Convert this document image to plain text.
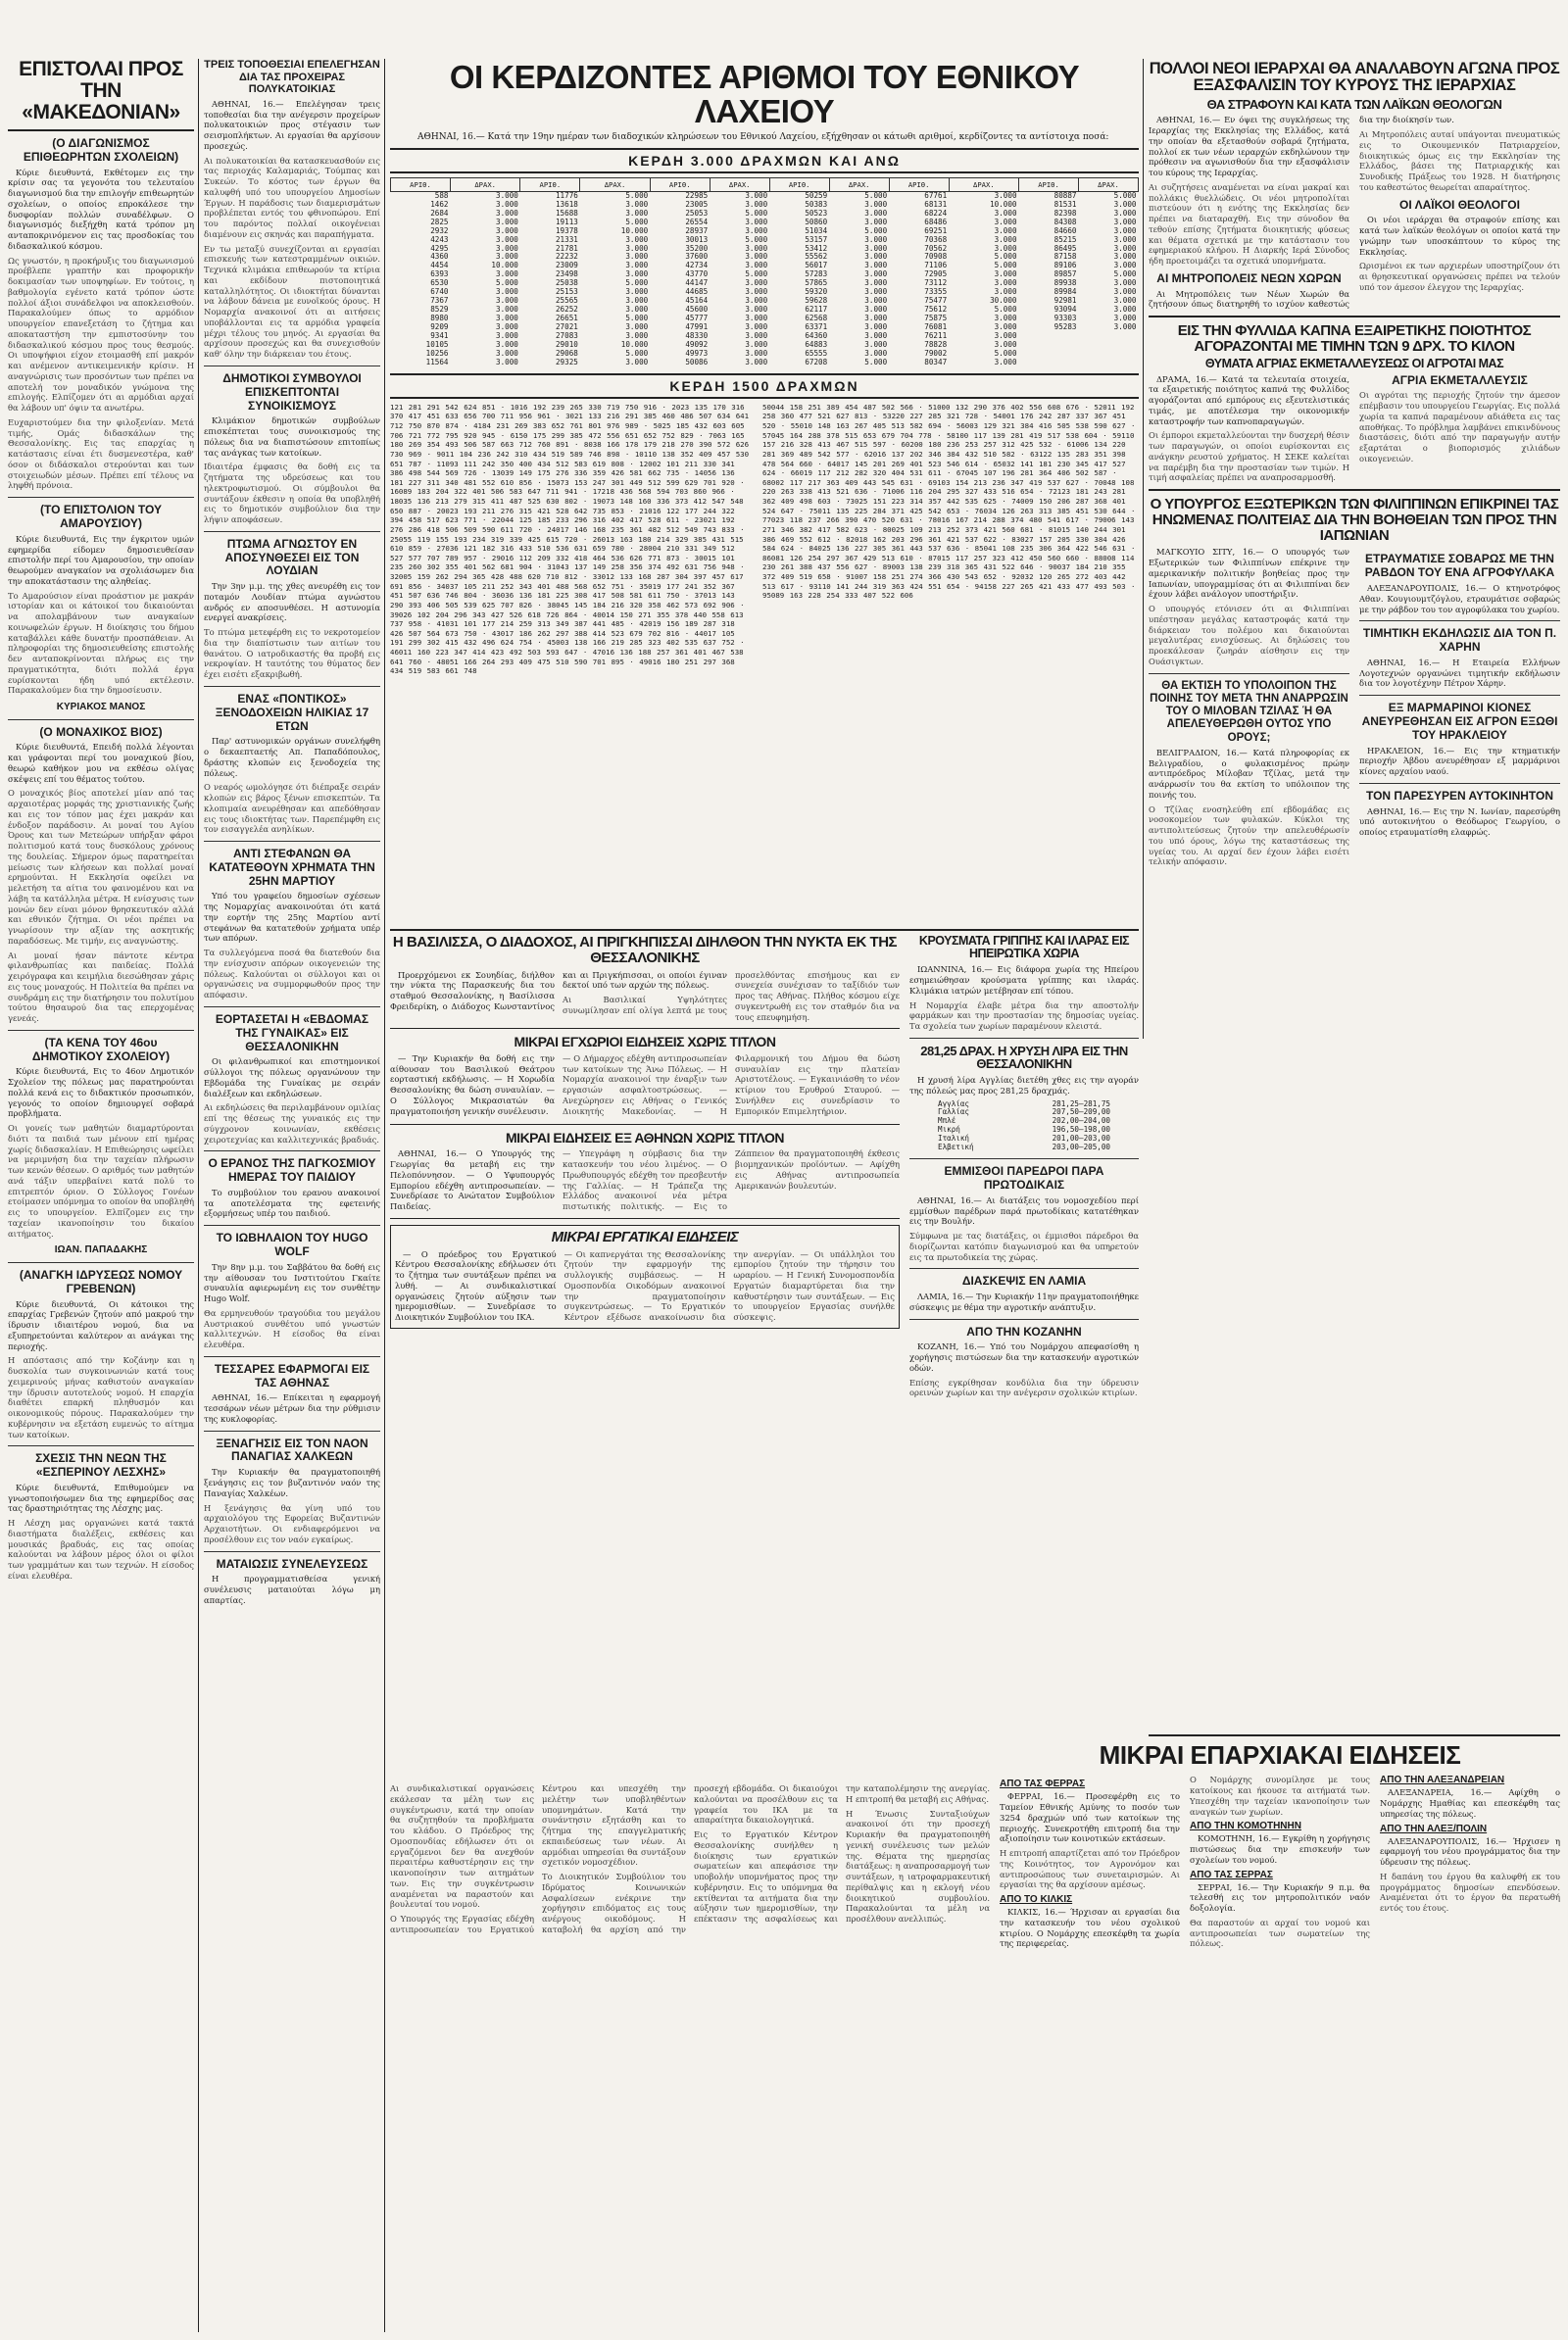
ΕΠΙΣΤΟΛΑΙ ΠΡΟΣ ΤΗΝ «ΜΑΚΕΔΟΝΙΑΝ»
(Ο ΔΙΑΓΩΝΙΣΜΟΣ ΕΠΙΘΕΩΡΗΤΩΝ ΣΧΟΛΕΙΩΝ)

Κύριε διευθυντά, Εκθέτομεν εις την κρίσιν σας τα γεγονότα του τελευταίου διαγωνισμού δια την επιλογήν επιθεωρητών σχολείων, ο οποίος επροκάλεσε την δυσφορίαν πολλών συναδέλφων. Ο διαγωνισμός διεξήχθη κατά τρόπον μη ανταποκρινόμενον εις τας προσδοκίας του διδασκαλικού κόσμου.

Ως γνωστόν, η προκήρυξις του διαγωνισμού προέβλεπε γραπτήν και προφορικήν δοκιμασίαν των υποψηφίων. Εν τούτοις, η βαθμολογία εγένετο κατά τρόπον ώστε πολλοί άξιοι συνάδελφοι να αποκλεισθούν. Παρακαλούμεν όπως το αρμόδιον υπουργείον επανεξετάση το ζήτημα και αποκαταστήση την εμπιστοσύνην του διδασκαλικού κόσμου προς τους θεσμούς. Οι υποψήφιοι είχον ετοιμασθή επί μακρόν και ανέμενον αντικειμενικήν κρίσιν. Η αναγνώρισις των προσόντων των πρέπει να αποτελή τον μοναδικόν γνώμονα της επιλογής. Ελπίζομεν ότι αι αρμόδιαι αρχαί θα λάβουν υπ' όψιν τα ανωτέρω.

Ευχαριστούμεν δια την φιλοξενίαν. Μετά τιμής, Ομάς διδασκάλων της Θεσσαλονίκης. Εις τας επαρχίας η κατάστασις είναι έτι δυσμενεστέρα, καθ' όσον οι διδάσκαλοι στερούνται και των στοιχειωδών μέσων. Πρέπει επί τέλους να ληφθή πρόνοια.

(ΤΟ ΕΠΙΣΤΟΛΙΟΝ ΤΟΥ ΑΜΑΡΟΥΣΙΟΥ)

Κύριε διευθυντά, Εις την έγκριτον υμών εφημερίδα είδομεν δημοσιευθείσαν επιστολήν περί του Αμαρουσίου, την οποίαν θεωρούμεν αναγκαίον να σχολιάσωμεν δια την αποκατάστασιν της αληθείας.

Το Αμαρούσιον είναι προάστιον με μακράν ιστορίαν και οι κάτοικοί του δικαιούνται να απολαμβάνουν των αναγκαίων κοινωφελών έργων. Η διοίκησις του δήμου καταβάλλει κάθε δυνατήν προσπάθειαν. Αι πληροφορίαι της δημοσιευθείσης επιστολής δεν ανταποκρίνονται πλήρως εις την πραγματικότητα, διότι πολλά έργα ευρίσκονται ήδη υπό εκτέλεσιν. Παρακαλούμεν δια την δημοσίευσιν.

ΚΥΡΙΑΚΟΣ ΜΑΝΟΣ
(Ο ΜΟΝΑΧΙΚΟΣ ΒΙΟΣ)

Κύριε διευθυντά, Επειδή πολλά λέγονται και γράφονται περί του μοναχικού βίου, θεωρώ καθήκον μου να εκθέσω ολίγας σκέψεις επί του θέματος τούτου.

Ο μοναχικός βίος αποτελεί μίαν από τας αρχαιοτέρας μορφάς της χριστιανικής ζωής και εις τον τόπον μας έχει μακράν και ένδοξον παράδοσιν. Αι μοναί του Αγίου Όρους και των Μετεώρων υπήρξαν φάροι πολιτισμού κατά τους δυσκόλους χρόνους της δουλείας. Σήμερον όμως παρατηρείται μείωσις των κλήσεων και πολλαί μοναί ερημούνται. Η Εκκλησία οφείλει να μελετήση τα αίτια του φαινομένου και να λάβη τα κατάλληλα μέτρα. Η ενίσχυσις των μονών δεν είναι μόνον θρησκευτικόν αλλά και εθνικόν ζήτημα. Οι νέοι πρέπει να γνωρίσουν την αξίαν της ασκητικής παραδόσεως. Με τιμήν, εις αναγνώστης.

Αι μοναί ήσαν πάντοτε κέντρα φιλανθρωπίας και παιδείας. Πολλά χειρόγραφα και κειμήλια διεσώθησαν χάρις εις τους μοναχούς. Η Πολιτεία θα πρέπει να συνδράμη εις την διατήρησιν του πολυτίμου τούτου θησαυρού δια τας επερχομένας γενεάς.

(ΤΑ ΚΕΝΑ ΤΟΥ 46ου ΔΗΜΟΤΙΚΟΥ ΣΧΟΛΕΙΟΥ)

Κύριε διευθυντά, Εις το 46ον Δημοτικόν Σχολείον της πόλεως μας παρατηρούνται πολλά κενά εις το διδακτικόν προσωπικόν, γεγονός το οποίον δημιουργεί σοβαρά προβλήματα.

Οι γονείς των μαθητών διαμαρτύρονται διότι τα παιδιά των μένουν επί ημέρας χωρίς διδασκαλίαν. Η Επιθεώρησις ωφείλει να μεριμνήση δια την ταχείαν πλήρωσιν των κενών θέσεων. Ο αριθμός των μαθητών ανά τάξιν υπερβαίνει κατά πολύ το επιτρεπτόν όριον. Ο Σύλλογος Γονέων ετοίμασεν υπόμνημα το οποίον θα υποβληθή εις το υπουργείον. Ελπίζομεν εις την ταχείαν ικανοποίησιν του δικαίου αιτήματος.

ΙΩΑΝ. ΠΑΠΑΔΑΚΗΣ
(ΑΝΑΓΚΗ ΙΔΡΥΣΕΩΣ ΝΟΜΟΥ ΓΡΕΒΕΝΩΝ)

Κύριε διευθυντά, Οι κάτοικοι της επαρχίας Γρεβενών ζητούν από μακρού την ίδρυσιν ιδιαιτέρου νομού, δια να εξυπηρετούνται καλύτερον αι ανάγκαι της περιοχής.

Η απόστασις από την Κοζάνην και η δυσκολία των συγκοινωνιών κατά τους χειμερινούς μήνας καθιστούν αναγκαίαν την ίδρυσιν αυτοτελούς νομού. Η επαρχία διαθέτει επαρκή πληθυσμόν και οικονομικούς πόρους. Παρακαλούμεν την κυβέρνησιν να εξετάση ευμενώς το αίτημα των κατοίκων.

ΣΧΕΣΙΣ ΤΗΝ ΝΕΩΝ ΤΗΣ «ΕΣΠΕΡΙΝΟΥ ΛΕΣΧΗΣ»

Κύριε διευθυντά, Επιθυμούμεν να γνωστοποιήσωμεν δια της εφημερίδος σας τας δραστηριότητας της Λέσχης μας.

Η Λέσχη μας οργανώνει κατά τακτά διαστήματα διαλέξεις, εκθέσεις και μουσικάς βραδυάς, εις τας οποίας καλούνται να λάβουν μέρος όλοι οι φίλοι των γραμμάτων και των τεχνών. Η είσοδος είναι ελευθέρα.

ΤΡΕΙΣ ΤΟΠΟΘΕΣΙΑΙ ΕΠΕΛΕΓΗΣΑΝ ΔΙΑ ΤΑΣ ΠΡΟΧΕΙΡΑΣ ΠΟΛΥΚΑΤΟΙΚΙΑΣ

ΑΘΗΝΑΙ, 16.— Επελέγησαν τρεις τοποθεσίαι δια την ανέγερσιν προχείρων πολυκατοικιών προς στέγασιν των σεισμοπλήκτων. Αι εργασίαι θα αρχίσουν προσεχώς.

Αι πολυκατοικίαι θα κατασκευασθούν εις τας περιοχάς Καλαμαριάς, Τούμπας και Συκεών. Το κόστος των έργων θα καλυφθή υπό του υπουργείου Δημοσίων Έργων. Η παράδοσις των διαμερισμάτων προβλέπεται εντός του φθινοπώρου. Επί του παρόντος πολλαί οικογένειαι διαμένουν εις σκηνάς και παραπήγματα.

Εν τω μεταξύ συνεχίζονται αι εργασίαι επισκευής των κατεστραμμένων οικιών. Τεχνικά κλιμάκια επιθεωρούν τα κτίρια και εκδίδουν πιστοποιητικά καταλληλότητος. Οι ιδιοκτήται δύνανται να λάβουν δάνεια με ευνοϊκούς όρους. Η Νομαρχία ανακοινοί ότι αι αιτήσεις υποβάλλονται εις τα αρμόδια γραφεία μέχρι τέλους του μηνός. Αι εργασίαι θα αρχίσουν προσεχώς και θα συνεχισθούν καθ' όλην την διάρκειαν του έτους.

ΔΗΜΟΤΙΚΟΙ ΣΥΜΒΟΥΛΟΙ ΕΠΙΣΚΕΠΤΟΝΤΑΙ ΣΥΝΟΙΚΙΣΜΟΥΣ

Κλιμάκιον δημοτικών συμβούλων επισκέπτεται τους συνοικισμούς της πόλεως δια να διαπιστώσουν επιτοπίως τας ανάγκας των κατοίκων.

Ιδιαιτέρα έμφασις θα δοθή εις τα ζητήματα της υδρεύσεως και του ηλεκτροφωτισμού. Οι σύμβουλοι θα συντάξουν έκθεσιν η οποία θα υποβληθή εις το δημοτικόν συμβούλιον δια την λήψιν αποφάσεων.

ΠΤΩΜΑ ΑΓΝΩΣΤΟΥ ΕΝ ΑΠΟΣΥΝΘΕΣΕΙ ΕΙΣ ΤΟΝ ΛΟΥΔΙΑΝ

Την 3ην μ.μ. της χθες ανευρέθη εις τον ποταμόν Λουδίαν πτώμα αγνώστου ανδρός εν αποσυνθέσει. Η αστυνομία ενεργεί ανακρίσεις.

Το πτώμα μετεφέρθη εις το νεκροτομείον δια την διαπίστωσιν των αιτίων του θανάτου. Ο ιατροδικαστής θα προβή εις νεκροψίαν. Η ταυτότης του θύματος δεν έχει εισέτι εξακριβωθή.

ΕΝΑΣ «ΠΟΝΤΙΚΟΣ» ΞΕΝΟΔΟΧΕΙΩΝ ΗΛΙΚΙΑΣ 17 ΕΤΩΝ

Παρ' αστυνομικών οργάνων συνελήφθη ο δεκαεπταετής Απ. Παπαδόπουλος, δράστης κλοπών εις ξενοδοχεία της πόλεως.

Ο νεαρός ωμολόγησε ότι διέπραξε σειράν κλοπών εις βάρος ξένων επισκεπτών. Τα κλοπιμαία ανευρέθησαν και απεδόθησαν εις τους ιδιοκτήτας των. Παρεπέμφθη εις τον εισαγγελέα ανηλίκων.

ΑΝΤΙ ΣΤΕΦΑΝΩΝ ΘΑ ΚΑΤΑΤΕΘΟΥΝ ΧΡΗΜΑΤΑ ΤΗΝ 25ΗΝ ΜΑΡΤΙΟΥ

Υπό του γραφείου δημοσίων σχέσεων της Νομαρχίας ανακοινούται ότι κατά την εορτήν της 25ης Μαρτίου αντί στεφάνων θα κατατεθούν χρήματα υπέρ των απόρων.

Τα συλλεγόμενα ποσά θα διατεθούν δια την ενίσχυσιν απόρων οικογενειών της πόλεως. Καλούνται οι σύλλογοι και οι οργανώσεις να συμμορφωθούν προς την απόφασιν.

ΕΟΡΤΑΣΕΤΑΙ Η «ΕΒΔΟΜΑΣ ΤΗΣ ΓΥΝΑΙΚΑΣ» ΕΙΣ ΘΕΣΣΑΛΟΝΙΚΗΝ

Οι φιλανθρωπικοί και επιστημονικοί σύλλογοι της πόλεως οργανώνουν την Εβδομάδα της Γυναίκας με σειράν διαλέξεων και εκδηλώσεων.

Αι εκδηλώσεις θα περιλαμβάνουν ομιλίας επί της θέσεως της γυναικός εις την σύγχρονον κοινωνίαν, εκθέσεις χειροτεχνίας και καλλιτεχνικάς βραδυάς.

Ο ΕΡΑΝΟΣ ΤΗΣ ΠΑΓΚΟΣΜΙΟΥ ΗΜΕΡΑΣ ΤΟΥ ΠΑΙΔΙΟΥ

Το συμβούλιον του ερανου ανακοινοί τα αποτελέσματα της εφετεινής εξορμήσεως υπέρ του παιδιού.

ΤΟ ΙΩΒΗΛΑΙΟΝ ΤΟΥ HUGO WOLF

Την 8ην μ.μ. του Σαββάτου θα δοθή εις την αίθουσαν του Ινστιτούτου Γκαίτε συναυλία αφιερωμένη εις τον συνθέτην Hugo Wolf.

Θα ερμηνευθούν τραγούδια του μεγάλου Αυστριακού συνθέτου υπό γνωστών καλλιτεχνών. Η είσοδος θα είναι ελευθέρα.

ΤΕΣΣΑΡΕΣ ΕΦΑΡΜΟΓΑΙ ΕΙΣ ΤΑΣ ΑΘΗΝΑΣ

ΑΘΗΝΑΙ, 16.— Επίκειται η εφαρμογή τεσσάρων νέων μέτρων δια την ρύθμισιν της κυκλοφορίας.

ΞΕΝΑΓΗΣΙΣ ΕΙΣ ΤΟΝ ΝΑΟΝ ΠΑΝΑΓΙΑΣ ΧΑΛΚΕΩΝ

Την Κυριακήν θα πραγματοποιηθή ξενάγησις εις τον βυζαντινόν ναόν της Παναγίας Χαλκέων.

Η ξενάγησις θα γίνη υπό του αρχαιολόγου της Εφορείας Βυζαντινών Αρχαιοτήτων. Οι ενδιαφερόμενοι να προσέλθουν εις τον ναόν εγκαίρως.

ΜΑΤΑΙΩΣΙΣ ΣΥΝΕΛΕΥΣΕΩΣ

Η προγραμματισθείσα γενική συνέλευσις ματαιούται λόγω μη απαρτίας.

ΟΙ ΚΕΡΔΙΖΟΝΤΕΣ ΑΡΙΘΜΟΙ ΤΟΥ ΕΘΝΙΚΟΥ ΛΑΧΕΙΟΥ

ΑΘΗΝΑΙ, 16.— Κατά την 19ην ημέραν των διαδοχικών κληρώσεων του Εθνικού Λαχείου, εξήχθησαν οι κάτωθι αριθμοί, κερδίζοντες τα αντίστοιχα ποσά:

ΚΕΡΔΗ 3.000 ΔΡΑΧΜΩΝ ΚΑΙ ΑΝΩ
ΑΡΙΘ.	ΔΡΑΧ.	ΑΡΙΘ.	ΔΡΑΧ.	ΑΡΙΘ.	ΔΡΑΧ.	ΑΡΙΘ.	ΔΡΑΧ.	ΑΡΙΘ.	ΔΡΑΧ.	ΑΡΙΘ.	ΔΡΑΧ.
588	3.000	11776	5.000	22985	3.000	50259	5.000	67761	3.000	80887	5.000
1462	3.000	13618	3.000	23005	3.000	50383	3.000	68131	10.000	81531	3.000
2684	3.000	15688	3.000	25053	5.000	50523	3.000	68224	3.000	82398	3.000
2825	3.000	19113	5.000	26554	3.000	50860	3.000	68486	3.000	84308	3.000
2932	3.000	19378	10.000	28937	3.000	51034	5.000	69251	3.000	84660	3.000
4243	3.000	21331	3.000	30013	5.000	53157	3.000	70368	3.000	85215	3.000
4295	3.000	21781	3.000	35200	3.000	53412	3.000	70562	3.000	86495	3.000
4360	3.000	22232	3.000	37600	3.000	55562	3.000	70908	5.000	87158	3.000
4454	10.000	23009	3.000	42734	3.000	56017	3.000	71106	5.000	89106	3.000
6393	3.000	23498	3.000	43770	5.000	57283	3.000	72905	3.000	89857	5.000
6530	5.000	25038	5.000	44147	3.000	57865	3.000	73112	3.000	89938	3.000
6740	3.000	25153	3.000	44685	3.000	59320	3.000	73355	3.000	89984	3.000
7367	3.000	25565	3.000	45164	3.000	59628	3.000	75477	30.000	92981	3.000
8529	3.000	26252	3.000	45600	3.000	62117	3.000	75612	5.000	93094	3.000
8980	3.000	26651	5.000	45777	3.000	62568	3.000	75875	3.000	93303	3.000
9209	3.000	27021	3.000	47991	3.000	63371	3.000	76081	3.000	95283	3.000
9341	3.000	27083	3.000	48330	3.000	64360	3.000	76211	3.000		
10105	3.000	29010	10.000	49092	3.000	64883	3.000	78828	3.000		
10256	3.000	29068	5.000	49973	3.000	65555	3.000	79002	5.000		
11564	3.000	29325	3.000	50086	3.000	67208	5.000	80347	3.000		
ΚΕΡΔΗ 1500 ΔΡΑΧΜΩΝ
121 281 291 542 624 851 · 1016 192 239 265 330 719 750 916 · 2023 135 170 316 370 417 451 633 656 700 711 956 961 · 3021 133 216 291 385 460 486 507 634 641 712 750 870 874 · 4184 231 269 383 652 761 801 976 989 · 5025 185 432 603 605 706 721 772 795 920 945 · 6150 175 299 385 472 556 651 652 752 829 · 7063 165 180 269 354 493 506 587 663 712 760 891 · 8038 166 178 179 218 270 390 572 626 730 969 · 9011 104 236 242 310 434 519 589 746 898 · 10110 138 352 409 457 530 651 787 · 11093 111 242 350 400 434 512 583 619 808 · 12002 101 211 330 341 386 498 544 569 726 · 13039 149 175 276 336 359 426 581 662 735 · 14056 136 181 227 311 340 481 552 610 856 · 15073 153 247 301 449 512 599 629 701 920 · 16089 183 204 322 401 506 583 647 711 941 · 17218 436 568 594 703 860 966 · 18035 136 213 279 315 411 487 525 630 802 · 19073 148 160 336 373 412 547 548 650 887 · 20023 193 211 276 315 421 528 642 735 853 · 21016 122 177 244 322 394 458 517 623 771 · 22044 125 185 233 296 316 402 417 528 611 · 23021 192 276 286 418 506 509 590 611 720 · 24017 146 168 235 361 482 512 549 743 833 · 25055 119 155 193 234 319 339 425 615 720 · 26013 163 180 214 329 385 431 515 610 859 · 27036 121 182 316 433 510 536 631 659 780 · 28004 210 331 349 512 527 577 707 789 957 · 29016 112 209 332 418 464 536 626 771 873 · 30015 101 235 260 302 355 401 562 681 904 · 31043 137 149 258 356 374 492 631 756 948 · 32005 159 262 294 365 428 488 620 710 812 · 33012 133 168 287 304 397 457 617 691 856 · 34037 105 211 252 343 401 488 568 652 751 · 35019 177 241 352 367 451 507 636 746 804 · 36036 136 181 225 308 417 508 581 611 750 · 37013 143 290 393 406 505 539 625 707 826 · 38045 145 184 216 320 358 462 573 692 906 · 39026 102 204 296 343 427 526 618 726 864 · 40014 150 271 355 378 440 558 613 737 958 · 41031 101 177 214 259 313 349 387 441 485 · 42019 156 189 287 318 426 507 564 673 750 · 43017 186 262 297 388 414 523 679 702 816 · 44017 105 191 299 302 415 432 496 624 754 · 45003 138 166 219 285 323 402 535 637 752 · 46011 160 223 347 414 423 492 503 593 647 · 47016 136 188 257 361 401 467 538 641 760 · 48051 166 264 293 409 475 510 590 701 895 · 49016 180 251 297 368 434 519 583 661 748
50044 158 251 389 454 487 502 566 · 51000 132 290 376 402 556 608 676 · 52011 192 258 360 477 521 627 813 · 53220 227 285 321 728 · 54001 176 242 287 337 367 451 520 · 55010 148 163 267 405 513 582 694 · 56003 129 321 384 416 505 538 590 627 · 57045 164 288 378 515 653 679 704 778 · 58100 117 139 281 419 517 538 604 · 59110 157 216 328 413 467 515 597 · 60200 180 236 253 257 312 425 532 · 61006 134 220 281 369 489 542 577 · 62016 137 202 346 384 432 510 582 · 63122 135 283 351 398 478 564 660 · 64017 145 201 269 401 523 546 614 · 65032 141 181 230 345 417 527 624 · 66019 117 212 282 320 404 531 611 · 67045 107 196 281 364 406 502 587 · 68002 117 217 363 409 443 545 631 · 69103 154 213 236 347 419 537 627 · 70048 108 220 263 338 413 521 636 · 71006 116 204 295 327 433 516 654 · 72123 181 243 281 362 409 498 603 · 73025 151 223 314 357 442 535 625 · 74009 150 206 287 368 401 524 647 · 75011 135 225 284 371 425 542 653 · 76034 126 263 313 385 451 530 644 · 77023 118 237 266 390 470 520 631 · 78016 167 214 288 374 480 541 617 · 79006 143 271 346 382 417 582 623 · 80025 109 213 252 373 421 560 681 · 81015 140 244 301 386 469 552 612 · 82018 162 203 296 361 421 537 622 · 83027 157 205 330 384 426 584 624 · 84025 136 227 305 361 443 537 636 · 85041 108 235 306 364 422 546 631 · 86081 126 254 297 367 429 513 610 · 87015 117 257 323 412 450 560 660 · 88008 114 230 261 388 437 556 627 · 89003 138 239 318 365 431 522 646 · 90037 184 210 355 372 409 519 658 · 91007 158 251 274 366 430 543 652 · 92032 120 265 272 403 442 513 617 · 93110 141 244 319 363 424 551 654 · 94158 227 265 421 433 477 493 503 · 95089 163 228 254 333 407 522 606
ΠΟΛΛΟΙ ΝΕΟΙ ΙΕΡΑΡΧΑΙ ΘΑ ΑΝΑΛΑΒΟΥΝ ΑΓΩΝΑ ΠΡΟΣ ΕΞΑΣΦΑΛΙΣΙΝ ΤΟΥ ΚΥΡΟΥΣ ΤΗΣ ΙΕΡΑΡΧΙΑΣ
ΘΑ ΣΤΡΑΦΟΥΝ ΚΑΙ ΚΑΤΑ ΤΩΝ ΛΑΪΚΩΝ ΘΕΟΛΟΓΩΝ

ΑΘΗΝΑΙ, 16.— Εν όψει της συγκλήσεως της Ιεραρχίας της Εκκλησίας της Ελλάδος, κατά την οποίαν θα εξετασθούν σοβαρά ζητήματα, πολλοί εκ των νέων ιεραρχών εκδηλώνουν την πρόθεσιν να αγωνισθούν δια την εξασφάλισιν του κύρους της Ιεραρχίας.

Αι συζητήσεις αναμένεται να είναι μακραί και πολλάκις θυελλώδεις. Οι νέοι μητροπολίται πιστεύουν ότι η ενότης της Εκκλησίας δεν πρέπει να διαταραχθή. Εις την σύνοδον θα τεθούν επίσης ζητήματα διοικητικής φύσεως και θέματα σχετικά με την κατάστασιν του εφημεριακού κλήρου. Η Διαρκής Ιερά Σύνοδος ήδη προετοιμάζει τα σχετικά υπομνήματα.

ΑΙ ΜΗΤΡΟΠΟΛΕΙΣ ΝΕΩΝ ΧΩΡΩΝ

Αι Μητροπόλεις των Νέων Χωρών θα ζητήσουν όπως διατηρηθή το ισχύον καθεστώς δια την διοίκησίν των.

Αι Μητροπόλεις αυταί υπάγονται πνευματικώς εις το Οικουμενικόν Πατριαρχείον, διοικητικώς όμως εις την Εκκλησίαν της Ελλάδος, βάσει της Πατριαρχικής και Συνοδικής Πράξεως του 1928. Η διατήρησις του καθεστώτος θεωρείται απαραίτητος.

ΟΙ ΛΑΪΚΟΙ ΘΕΟΛΟΓΟΙ

Οι νέοι ιεράρχαι θα στραφούν επίσης και κατά των λαϊκών θεολόγων οι οποίοι κατά την γνώμην των υποσκάπτουν το κύρος της Εκκλησίας.

Ωρισμένοι εκ των αρχιερέων υποστηρίζουν ότι αι θρησκευτικαί οργανώσεις πρέπει να τελούν υπό τον άμεσον έλεγχον της Ιεραρχίας.

ΕΙΣ ΤΗΝ ΦΥΛΛΙΔΑ ΚΑΠΝΑ ΕΞΑΙΡΕΤΙΚΗΣ ΠΟΙΟΤΗΤΟΣ ΑΓΟΡΑΖΟΝΤΑΙ ΜΕ ΤΙΜΗΝ ΤΩΝ 9 ΔΡΧ. ΤΟ ΚΙΛΟΝ
ΘΥΜΑΤΑ ΑΓΡΙΑΣ ΕΚΜΕΤΑΛΛΕΥΣΕΩΣ ΟΙ ΑΓΡΟΤΑΙ ΜΑΣ

ΔΡΑΜΑ, 16.— Κατά τα τελευταία στοιχεία, τα εξαιρετικής ποιότητος καπνά της Φυλλίδος αγοράζονται από εμπόρους εις εξευτελιστικάς τιμάς, με αποτέλεσμα την οικονομικήν καταστροφήν των καπνοπαραγωγών.

Οι έμποροι εκμεταλλεύονται την δυσχερή θέσιν των παραγωγών, οι οποίοι ευρίσκονται εις ανάγκην ρευστού χρήματος. Η ΣΕΚΕ καλείται να παρέμβη δια την προστασίαν των τιμών. Η τιμή ασφαλείας πρέπει να αναπροσαρμοσθή.

ΑΓΡΙΑ ΕΚΜΕΤΑΛΛΕΥΣΙΣ

Οι αγρόται της περιοχής ζητούν την άμεσον επέμβασιν του υπουργείου Γεωργίας. Εις πολλά χωρία τα καπνά παραμένουν αδιάθετα εις τας αποθήκας. Το πρόβλημα λαμβάνει επικινδύνους διαστάσεις, διότι από την παραγωγήν αυτήν εξαρτάται ο βιοπορισμός χιλιάδων οικογενειών.

Ο ΥΠΟΥΡΓΟΣ ΕΞΩΤΕΡΙΚΩΝ ΤΩΝ ΦΙΛΙΠΠΙΝΩΝ ΕΠΙΚΡΙΝΕΙ ΤΑΣ ΗΝΩΜΕΝΑΣ ΠΟΛΙΤΕΙΑΣ ΔΙΑ ΤΗΝ ΒΟΗΘΕΙΑΝ ΤΩΝ ΠΡΟΣ ΤΗΝ ΙΑΠΩΝΙΑΝ

ΜΑΓΚΟΥΙΟ ΣΙΤΥ, 16.— Ο υπουργός των Εξωτερικών των Φιλιππίνων επέκρινε την αμερικανικήν πολιτικήν βοηθείας προς την Ιαπωνίαν, υπογραμμίσας ότι αι Φιλιππίναι δεν έχουν λάβει ανάλογον υποστήριξιν.

Ο υπουργός ετόνισεν ότι αι Φιλιππίναι υπέστησαν μεγάλας καταστροφάς κατά την διάρκειαν του πολέμου και δικαιούνται μεγαλυτέρας ενισχύσεως. Αι δηλώσεις του προεκάλεσαν ζωηράν αίσθησιν εις την Ουάσιγκτων.

ΘΑ ΕΚΤΙΣΗ ΤΟ ΥΠΟΛΟΙΠΟΝ ΤΗΣ ΠΟΙΝΗΣ ΤΟΥ ΜΕΤΑ ΤΗΝ ΑΝΑΡΡΩΣΙΝ ΤΟΥ Ο ΜΙΛΟΒΑΝ ΤΖΙΛΑΣ Ή ΘΑ ΑΠΕΛΕΥΘΕΡΩΘΗ ΟΥΤΟΣ ΥΠΟ ΟΡΟΥΣ;

ΒΕΛΙΓΡΑΔΙΟΝ, 16.— Κατά πληροφορίας εκ Βελιγραδίου, ο φυλακισμένος πρώην αντιπρόεδρος Μίλοβαν Τζίλας, μετά την ανάρρωσίν του θα εκτίση το υπόλοιπον της ποινής του.

Ο Τζίλας ενοσηλεύθη επί εβδομάδας εις νοσοκομείον των φυλακών. Κύκλοι της αντιπολιτεύσεως ζητούν την απελευθέρωσίν του υπό όρους, λόγω της καταστάσεως της υγείας του. Αι αρχαί δεν έχουν λάβει εισέτι τελικήν απόφασιν.

ΕΤΡΑΥΜΑΤΙΣΕ ΣΟΒΑΡΩΣ ΜΕ ΤΗΝ ΡΑΒΔΟΝ ΤΟΥ ΕΝΑ ΑΓΡΟΦΥΛΑΚΑ

ΑΛΕΞΑΝΔΡΟΥΠΟΛΙΣ, 16.— Ο κτηνοτρόφος Αθαν. Κουγιουμτζόγλου, ετραυμάτισε σοβαρώς με την ράβδον του τον αγροφύλακα του χωρίου.

ΤΙΜΗΤΙΚΗ ΕΚΔΗΛΩΣΙΣ ΔΙΑ ΤΟΝ Π. ΧΑΡΗΝ

ΑΘΗΝΑΙ, 16.— Η Εταιρεία Ελλήνων Λογοτεχνών οργανώνει τιμητικήν εκδήλωσιν δια τον λογοτέχνην Πέτρον Χάρην.

ΕΞ ΜΑΡΜΑΡΙΝΟΙ ΚΙΟΝΕΣ ΑΝΕΥΡΕΘΗΣΑΝ ΕΙΣ ΑΓΡΟΝ ΕΞΩΘΙ ΤΟΥ ΗΡΑΚΛΕΙΟΥ

ΗΡΑΚΛΕΙΟΝ, 16.— Εις την κτηματικήν περιοχήν Άβδου ανευρέθησαν εξ μαρμάρινοι κίονες αρχαίου ναού.

ΤΟΝ ΠΑΡΕΣΥΡΕΝ ΑΥΤΟΚΙΝΗΤΟΝ

ΑΘΗΝΑΙ, 16.— Εις την Ν. Ιωνίαν, παρεσύρθη υπό αυτοκινήτου ο Θεόδωρος Γεωργίου, ο οποίος ετραυματίσθη ελαφρώς.

Η ΒΑΣΙΛΙΣΣΑ, Ο ΔΙΑΔΟΧΟΣ, ΑΙ ΠΡΙΓΚΗΠΙΣΣΑΙ ΔΙΗΛΘΟΝ ΤΗΝ ΝΥΚΤΑ ΕΚ ΤΗΣ ΘΕΣΣΑΛΟΝΙΚΗΣ

Προερχόμενοι εκ Σουηδίας, διήλθον την νύκτα της Παρασκευής δια του σταθμού Θεσσαλονίκης, η Βασίλισσα Φρειδερίκη, ο Διάδοχος Κωνσταντίνος και αι Πριγκήπισσαι, οι οποίοι έγιναν δεκτοί υπό των αρχών της πόλεως.

Αι Βασιλικαί Υψηλότητες συνωμίλησαν επί ολίγα λεπτά με τους προσελθόντας επισήμους και εν συνεχεία συνέχισαν το ταξίδιόν των προς τας Αθήνας. Πλήθος κόσμου είχε συγκεντρωθή εις τον σταθμόν δια να τους επευφημήση.

ΜΙΚΡΑΙ ΕΓΧΩΡΙΟΙ ΕΙΔΗΣΕΙΣ ΧΩΡΙΣ ΤΙΤΛΟΝ

— Την Κυριακήν θα δοθή εις την αίθουσαν του Βασιλικού Θεάτρου εορταστική εκδήλωσις. — Η Χορωδία Θεσσαλονίκης θα δώση συναυλίαν. — Ο Σύλλογος Μικρασιατών θα πραγματοποιήση γενικήν συνέλευσιν.

— Ο Δήμαρχος εδέχθη αντιπροσωπείαν των κατοίκων της Άνω Πόλεως. — Η Νομαρχία ανακοινοί την έναρξιν των εργασιών ασφαλτοστρώσεως. — Ανεχώρησεν εις Αθήνας ο Γενικός Διοικητής Μακεδονίας. — Η Φιλαρμονική του Δήμου θα δώση συναυλίαν εις την πλατείαν Αριστοτέλους. — Εγκαινιάσθη το νέον κτίριον του Ερυθρού Σταυρού. — Συνήλθεν εις συνεδρίασιν το Εμπορικόν Επιμελητήριον.

ΜΙΚΡΑΙ ΕΙΔΗΣΕΙΣ ΕΞ ΑΘΗΝΩΝ ΧΩΡΙΣ ΤΙΤΛΟΝ

ΑΘΗΝΑΙ, 16.— Ο Υπουργός της Γεωργίας θα μεταβή εις την Πελοπόννησον. — Ο Υφυπουργός Εμπορίου εδέχθη αντιπροσωπείαν. — Συνεδρίασε το Ανώτατον Συμβούλιον Παιδείας.

— Υπεγράφη η σύμβασις δια την κατασκευήν του νέου λιμένος. — Ο Πρωθυπουργός εδέχθη τον πρεσβευτήν της Γαλλίας. — Η Τράπεζα της Ελλάδος ανακοινοί νέα μέτρα πιστωτικής πολιτικής. — Εις το Ζάππειον θα πραγματοποιηθή έκθεσις βιομηχανικών προϊόντων. — Αφίχθη εις Αθήνας αντιπροσωπεία Αμερικανών βουλευτών.

ΜΙΚΡΑΙ ΕΡΓΑΤΙΚΑΙ ΕΙΔΗΣΕΙΣ

— Ο πρόεδρος του Εργατικού Κέντρου Θεσσαλονίκης εδήλωσεν ότι το ζήτημα των συντάξεων πρέπει να λυθή. — Αι συνδικαλιστικαί οργανώσεις ζητούν αύξησιν των ημερομισθίων. — Συνεδρίασε το Διοικητικόν Συμβούλιον του ΙΚΑ.

— Οι καπνεργάται της Θεσσαλονίκης ζητούν την εφαρμογήν της συλλογικής συμβάσεως. — Η Ομοσπονδία Οικοδόμων ανακοινοί την πραγματοποίησιν συγκεντρώσεως. — Το Εργατικόν Κέντρον εξέδωσε ανακοίνωσιν δια την ανεργίαν. — Οι υπάλληλοι του εμπορίου ζητούν την τήρησιν του ωραρίου. — Η Γενική Συνομοσπονδία Εργατών διαμαρτύρεται δια την καθυστέρησιν των συντάξεων. — Εις το υπουργείον Εργασίας συνήλθε σύσκεψις.

ΚΡΟΥΣΜΑΤΑ ΓΡΙΠΠΗΣ ΚΑΙ ΙΛΑΡΑΣ ΕΙΣ ΗΠΕΙΡΩΤΙΚΑ ΧΩΡΙΑ

ΙΩΑΝΝΙΝΑ, 16.— Εις διάφορα χωρία της Ηπείρου εσημειώθησαν κρούσματα γρίππης και ιλαράς. Κλιμάκια ιατρών μετέβησαν επί τόπου.

Η Νομαρχία έλαβε μέτρα δια την αποστολήν φαρμάκων και την προστασίαν της δημοσίας υγείας. Τα σχολεία των χωρίων παραμένουν κλειστά.

281,25 ΔΡΑΧ. Η ΧΡΥΣΗ ΛΙΡΑ ΕΙΣ ΤΗΝ ΘΕΣΣΑΛΟΝΙΚΗΝ

Η χρυσή λίρα Αγγλίας διετέθη χθες εις την αγοράν της πόλεώς μας προς 281,25 δραχμάς.

Αγγλίας	281,25—281,75
Γαλλίας	207,50—209,00
Μπλέ	202,00—204,00
Μικρή	196,50—198,00
Ιταλική	201,00—203,00
Ελβετική	203,00—205,00
ΕΜΜΙΣΘΟΙ ΠΑΡΕΔΡΟΙ ΠΑΡΑ ΠΡΩΤΟΔΙΚΑΙΣ

ΑΘΗΝΑΙ, 16.— Αι διατάξεις του νομοσχεδίου περί εμμίσθων παρέδρων παρά πρωτοδίκαις κατατέθηκαν εις την Βουλήν.

Σύμφωνα με τας διατάξεις, οι έμμισθοι πάρεδροι θα διορίζωνται κατόπιν διαγωνισμού και θα υπηρετούν εις τα πρωτοδικεία της χώρας.

ΔΙΑΣΚΕΨΙΣ ΕΝ ΛΑΜΙΑ

ΛΑΜΙΑ, 16.— Την Κυριακήν 11ην πραγματοποιήθηκε σύσκεψις με θέμα την αγροτικήν ανάπτυξιν.

ΑΠΟ ΤΗΝ ΚΟΖΑΝΗΝ

ΚΟΖΑΝΗ, 16.— Υπό του Νομάρχου απεφασίσθη η χορήγησις πιστώσεων δια την κατασκευήν αγροτικών οδών.

Επίσης εγκρίθησαν κονδύλια δια την ύδρευσιν ορεινών χωρίων και την ανέγερσιν σχολικών κτιρίων.

ΜΙΚΡΑΙ ΕΠΑΡΧΙΑΚΑΙ ΕΙΔΗΣΕΙΣ
ΑΠΟ ΤΑΣ ΦΕΡΡΑΣ

ΦΕΡΡΑΙ, 16.— Προσεφέρθη εις το Ταμείον Εθνικής Αμύνης το ποσόν των 3254 δραχμών υπό των κατοίκων της περιοχής. Συνεκροτήθη επιτροπή δια την αξιοποίησιν των κοινοτικών εκτάσεων.

Η επιτροπή απαρτίζεται από τον Πρόεδρον της Κοινότητος, τον Αγρονόμον και αντιπροσώπους των συνεταιρισμών. Αι εργασίαι της θα αρχίσουν αμέσως.

ΑΠΟ ΤΟ ΚΙΛΚΙΣ

ΚΙΛΚΙΣ, 16.— Ήρχισαν αι εργασίαι δια την κατασκευήν του νέου σχολικού κτιρίου. Ο Νομάρχης επεσκέφθη τα χωρία της περιφερείας.

Ο Νομάρχης συνομίλησε με τους κατοίκους και ήκουσε τα αιτήματά των. Υπεσχέθη την ταχείαν ικανοποίησιν των αναγκών των χωρίων.

ΑΠΟ ΤΗΝ ΚΟΜΟΤΗΝΗΝ

ΚΟΜΟΤΗΝΗ, 16.— Εγκρίθη η χορήγησις πιστώσεως δια την επισκευήν των σχολείων του νομού.

ΑΠΟ ΤΑΣ ΣΕΡΡΑΣ

ΣΕΡΡΑΙ, 16.— Την Κυριακήν 9 π.μ. θα τελεσθή εις τον μητροπολιτικόν ναόν δοξολογία.

Θα παραστούν αι αρχαί του νομού και αντιπροσωπείαι των σωματείων της πόλεως.

ΑΠΟ ΤΗΝ ΑΛΕΞΑΝΔΡΕΙΑΝ

ΑΛΕΞΑΝΔΡΕΙΑ, 16.— Αφίχθη ο Νομάρχης Ημαθίας και επεσκέφθη τας υπηρεσίας της πόλεως.

ΑΠΟ ΤΗΝ ΑΛΕΞ/ΠΟΛΙΝ

ΑΛΕΞΑΝΔΡΟΥΠΟΛΙΣ, 16.— Ήρχισεν η εφαρμογή του νέου προγράμματος δια την ύδρευσιν της πόλεως.

Η δαπάνη του έργου θα καλυφθή εκ του προγράμματος δημοσίων επενδύσεων. Αναμένεται ότι το έργον θα περατωθή εντός του έτους.

Αι συνδικαλιστικαί οργανώσεις εκάλεσαν τα μέλη των εις συγκέντρωσιν, κατά την οποίαν θα συζητηθούν τα προβλήματα του κλάδου. Ο Πρόεδρος της Ομοσπονδίας εδήλωσεν ότι οι εργαζόμενοι δεν θα ανεχθούν περαιτέρω καθυστέρησιν εις την ικανοποίησιν των αιτημάτων των. Εις την συγκέντρωσιν αναμένεται να παραστούν και βουλευταί του νομού.

Ο Υπουργός της Εργασίας εδέχθη αντιπροσωπείαν του Εργατικού Κέντρου και υπεσχέθη την μελέτην των υποβληθέντων υπομνημάτων. Κατά την συνάντησιν εξητάσθη και το ζήτημα της επαγγελματικής εκπαιδεύσεως των νέων. Αι αρμόδιαι υπηρεσίαι θα συντάξουν σχετικόν νομοσχέδιον.

Το Διοικητικόν Συμβούλιον του Ιδρύματος Κοινωνικών Ασφαλίσεων ενέκρινε την χορήγησιν επιδόματος εις τους ανέργους οικοδόμους. Η καταβολή θα αρχίση από την προσεχή εβδομάδα. Οι δικαιούχοι καλούνται να προσέλθουν εις τα γραφεία του ΙΚΑ με τα απαραίτητα δικαιολογητικά.

Εις το Εργατικόν Κέντρον Θεσσαλονίκης συνήλθεν η διοίκησις των εργατικών σωματείων και απεφάσισε την υποβολήν υπομνήματος προς την κυβέρνησιν. Εις το υπόμνημα θα εκτίθενται τα αιτήματα δια την αύξησιν των ημερομισθίων, την επέκτασιν της ασφαλίσεως και την καταπολέμησιν της ανεργίας. Η επιτροπή θα μεταβή εις Αθήνας.

Η Ένωσις Συνταξιούχων ανακοινοί ότι την προσεχή Κυριακήν θα πραγματοποιηθή γενική συνέλευσις των μελών της. Θέματα της ημερησίας διατάξεως: η αναπροσαρμογή των συντάξεων, η ιατροφαρμακευτική περίθαλψις και η εκλογή νέου διοικητικού συμβουλίου. Παρακαλούνται τα μέλη να προσέλθουν ανελλιπώς.
